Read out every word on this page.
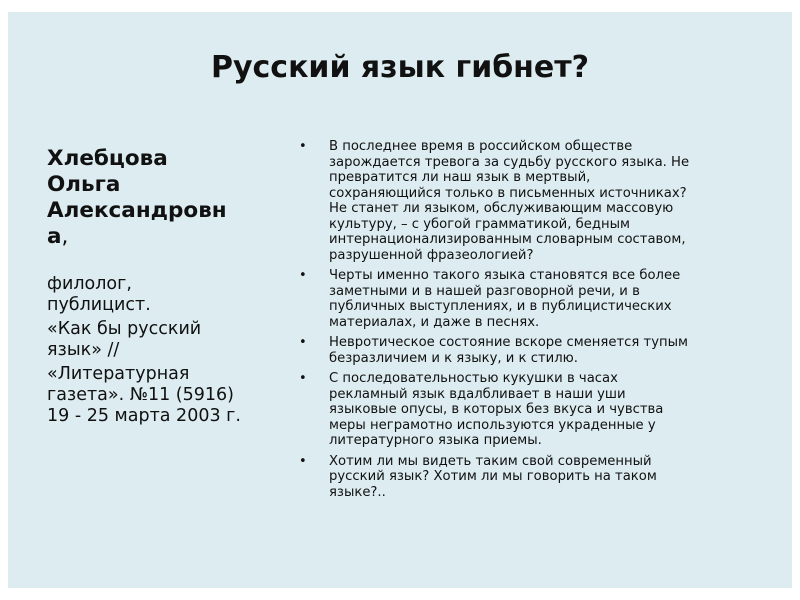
Русский язык гибнет?

Хлебцова
Ольга
Александровн
а,

филолог,
публицист.

«Как бы русский
язык» //

«Литературная
газета». №11 (5916)
19 - 25 марта 2003 г.

• В последнее время в российском обществе
зарождается тревога за судьбу русского языка. Не
превратится ли наш язык в мертвый,
сохраняющийся только в письменных источниках?
Не станет ли языком, обслуживающим массовую
культуру, – с убогой грамматикой, бедным
интернационализированным словарным составом,
разрушенной фразеологией?
• Черты именно такого языка становятся все более
заметными и в нашей разговорной речи, и в
публичных выступлениях, и в публицистических
материалах, и даже в песнях.
• Невротическое состояние вскоре сменяется тупым
безразличием и к языку, и к стилю.
• С последовательностью кукушки в часах
рекламный язык вдалбливает в наши уши
языковые опусы, в которых без вкуса и чувства
меры неграмотно используются украденные у
литературного языка приемы.
• Хотим ли мы видеть таким свой современный
русский язык? Хотим ли мы говорить на таком
языке?..
